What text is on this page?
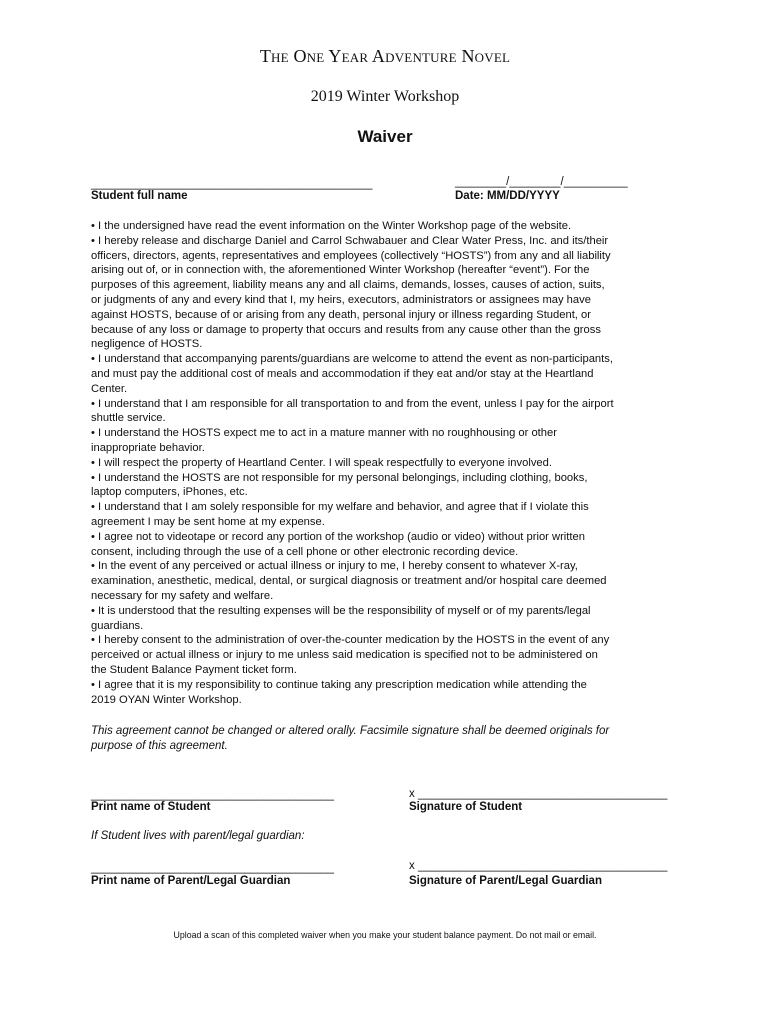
The One Year Adventure Novel
2019 Winter Workshop
Waiver
____________________________________________
Student full name
________/________/__________
Date: MM/DD/YYYY
• I the undersigned have read the event information on the Winter Workshop page of the website.
• I hereby release and discharge Daniel and Carrol Schwabauer and Clear Water Press, Inc. and its/their
officers, directors, agents, representatives and employees (collectively “HOSTS”) from any and all liability
arising out of, or in connection with, the aforementioned Winter Workshop (hereafter “event”). For the
purposes of this agreement, liability means any and all claims, demands, losses, causes of action, suits,
or judgments of any and every kind that I, my heirs, executors, administrators or assignees may have
against HOSTS, because of or arising from any death, personal injury or illness regarding Student, or
because of any loss or damage to property that occurs and results from any cause other than the gross
negligence of HOSTS.
• I understand that accompanying parents/guardians are welcome to attend the event as non-participants,
and must pay the additional cost of meals and accommodation if they eat and/or stay at the Heartland
Center.
• I understand that I am responsible for all transportation to and from the event, unless I pay for the airport
shuttle service.
• I understand the HOSTS expect me to act in a mature manner with no roughhousing or other
inappropriate behavior.
• I will respect the property of Heartland Center. I will speak respectfully to everyone involved.
• I understand the HOSTS are not responsible for my personal belongings, including clothing, books,
laptop computers, iPhones, etc.
• I understand that I am solely responsible for my welfare and behavior, and agree that if I violate this
agreement I may be sent home at my expense.
• I agree not to videotape or record any portion of the workshop (audio or video) without prior written
consent, including through the use of a cell phone or other electronic recording device.
• In the event of any perceived or actual illness or injury to me, I hereby consent to whatever X-ray,
examination, anesthetic, medical, dental, or surgical diagnosis or treatment and/or hospital care deemed
necessary for my safety and welfare.
• It is understood that the resulting expenses will be the responsibility of myself or of my parents/legal
guardians.
• I hereby consent to the administration of over-the-counter medication by the HOSTS in the event of any
perceived or actual illness or injury to me unless said medication is specified not to be administered on
the Student Balance Payment ticket form.
• I agree that it is my responsibility to continue taking any prescription medication while attending the
2019 OYAN Winter Workshop.
This agreement cannot be changed or altered orally. Facsimile signature shall be deemed originals for
purpose of this agreement.
______________________________________
Print name of Student
x _______________________________________
Signature of Student
If Student lives with parent/legal guardian:
______________________________________
Print name of Parent/Legal Guardian
x _______________________________________
Signature of Parent/Legal Guardian
Upload a scan of this completed waiver when you make your student balance payment. Do not mail or email.
